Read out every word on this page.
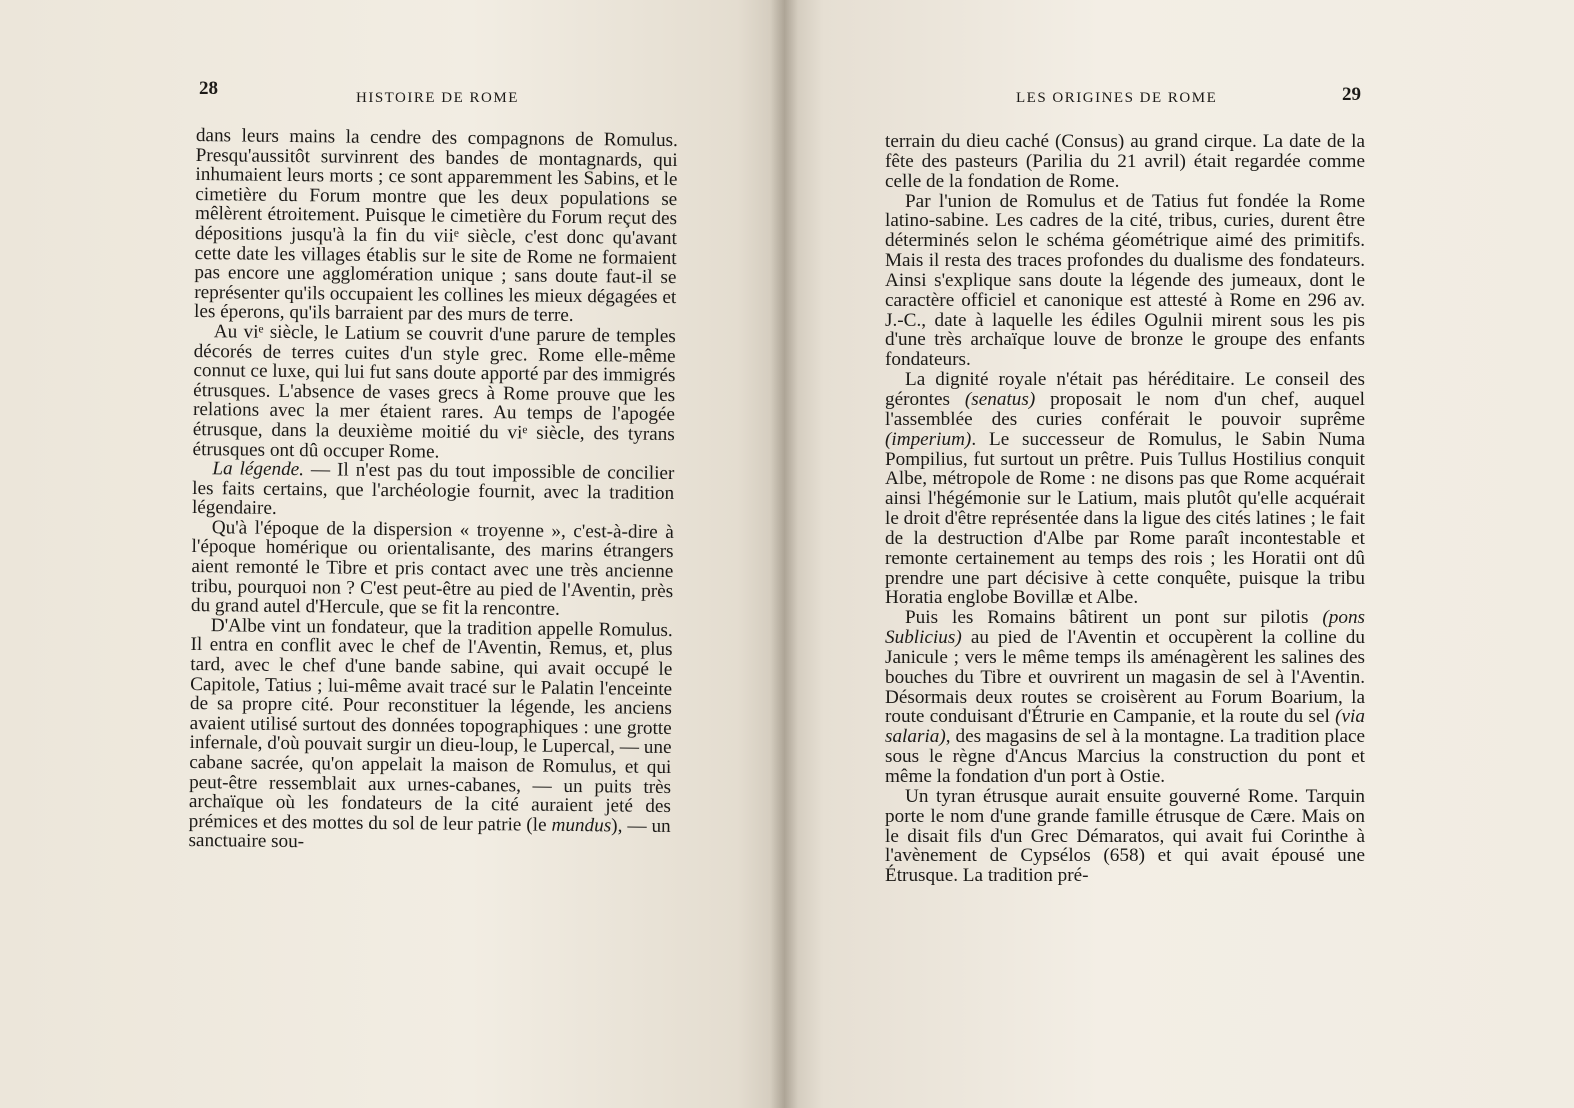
28	HISTOIRE DE ROME

dans leurs mains la cendre des compagnons de Romulus. Presqu'aussitôt survinrent des bandes de montagnards, qui inhumaient leurs morts ; ce sont apparemment les Sabins, et le cimetière du Forum montre que les deux populations se mêlèrent étroitement. Puisque le cimetière du Forum reçut des dépositions jusqu'à la fin du viiᵉ siècle, c'est donc qu'avant cette date les villages établis sur le site de Rome ne formaient pas encore une agglomération unique ; sans doute faut-il se représenter qu'ils occupaient les collines les mieux dégagées et les éperons, qu'ils barraient par des murs de terre.

Au viᵉ siècle, le Latium se couvrit d'une parure de temples décorés de terres cuites d'un style grec. Rome elle-même connut ce luxe, qui lui fut sans doute apporté par des immigrés étrusques. L'absence de vases grecs à Rome prouve que les relations avec la mer étaient rares. Au temps de l'apogée étrusque, dans la deuxième moitié du viᵉ siècle, des tyrans étrusques ont dû occuper Rome.

La légende. — Il n'est pas du tout impossible de concilier les faits certains, que l'archéologie fournit, avec la tradition légendaire.

Qu'à l'époque de la dispersion « troyenne », c'est-à-dire à l'époque homérique ou orientalisante, des marins étrangers aient remonté le Tibre et pris contact avec une très ancienne tribu, pourquoi non ? C'est peut-être au pied de l'Aventin, près du grand autel d'Hercule, que se fit la rencontre.

D'Albe vint un fondateur, que la tradition appelle Romulus. Il entra en conflit avec le chef de l'Aventin, Remus, et, plus tard, avec le chef d'une bande sabine, qui avait occupé le Capitole, Tatius ; lui-même avait tracé sur le Palatin l'enceinte de sa propre cité. Pour reconstituer la légende, les anciens avaient utilisé surtout des données topographiques : une grotte infernale, d'où pouvait surgir un dieu-loup, le Lupercal, — une cabane sacrée, qu'on appelait la maison de Romulus, et qui peut-être ressemblait aux urnes-cabanes, — un puits très archaïque où les fondateurs de la cité auraient jeté des prémices et des mottes du sol de leur patrie (le mundus), — un sanctuaire sou-

LES ORIGINES DE ROME	29

terrain du dieu caché (Consus) au grand cirque. La date de la fête des pasteurs (Parilia du 21 avril) était regardée comme celle de la fondation de Rome.

Par l'union de Romulus et de Tatius fut fondée la Rome latino-sabine. Les cadres de la cité, tribus, curies, durent être déterminés selon le schéma géométrique aimé des primitifs. Mais il resta des traces profondes du dualisme des fondateurs. Ainsi s'explique sans doute la légende des jumeaux, dont le caractère officiel et canonique est attesté à Rome en 296 av. J.-C., date à laquelle les édiles Ogulnii mirent sous les pis d'une très archaïque louve de bronze le groupe des enfants fondateurs.

La dignité royale n'était pas héréditaire. Le conseil des gérontes (senatus) proposait le nom d'un chef, auquel l'assemblée des curies conférait le pouvoir suprême (imperium). Le successeur de Romulus, le Sabin Numa Pompilius, fut surtout un prêtre. Puis Tullus Hostilius conquit Albe, métropole de Rome : ne disons pas que Rome acquérait ainsi l'hégémonie sur le Latium, mais plutôt qu'elle acquérait le droit d'être représentée dans la ligue des cités latines ; le fait de la destruction d'Albe par Rome paraît incontestable et remonte certainement au temps des rois ; les Horatii ont dû prendre une part décisive à cette conquête, puisque la tribu Horatia englobe Bovillæ et Albe.

Puis les Romains bâtirent un pont sur pilotis (pons Sublicius) au pied de l'Aventin et occupèrent la colline du Janicule ; vers le même temps ils aménagèrent les salines des bouches du Tibre et ouvrirent un magasin de sel à l'Aventin. Désormais deux routes se croisèrent au Forum Boarium, la route conduisant d'Étrurie en Campanie, et la route du sel (via salaria), des magasins de sel à la montagne. La tradition place sous le règne d'Ancus Marcius la construction du pont et même la fondation d'un port à Ostie.

Un tyran étrusque aurait ensuite gouverné Rome. Tarquin porte le nom d'une grande famille étrusque de Cære. Mais on le disait fils d'un Grec Démaratos, qui avait fui Corinthe à l'avènement de Cypsélos (658) et qui avait épousé une Étrusque. La tradition pré-
